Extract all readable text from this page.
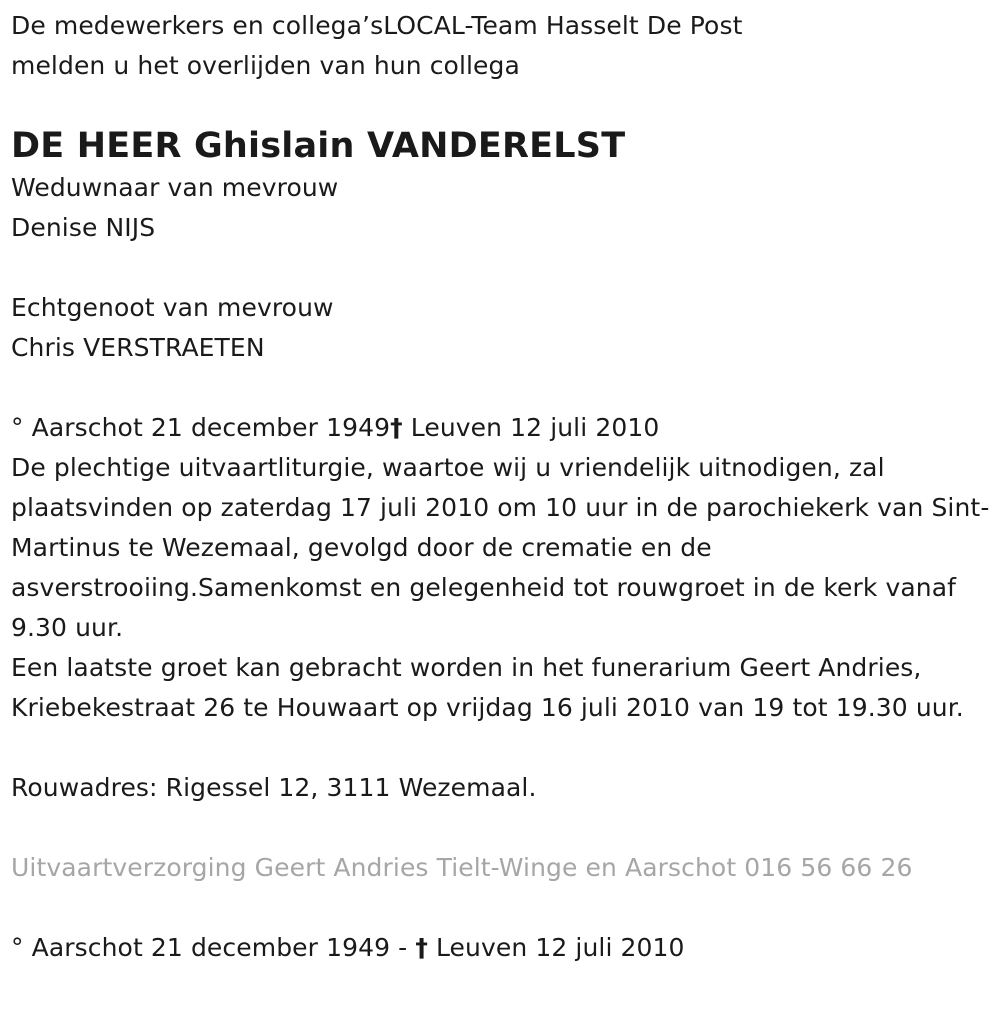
De medewerkers en collega’sLOCAL-Team Hasselt De Post
melden u het overlijden van hun collega
DE HEER Ghislain VANDERELST
Weduwnaar van mevrouw
Denise NIJS
Echtgenoot van mevrouw
Chris VERSTRAETEN
° Aarschot 21 december 1949† Leuven 12 juli 2010
De plechtige uitvaartliturgie, waartoe wij u vriendelijk uitnodigen, zal plaatsvinden op zaterdag 17 juli 2010 om 10 uur in de parochiekerk van Sint-Martinus te Wezemaal, gevolgd door de crematie en de asverstrooiing.Samenkomst en gelegenheid tot rouwgroet in de kerk vanaf 9.30 uur.
Een laatste groet kan gebracht worden in het funerarium Geert Andries, Kriebekestraat 26 te Houwaart op vrijdag 16 juli 2010 van 19 tot 19.30 uur.
Rouwadres: Rigessel 12, 3111 Wezemaal.
Uitvaartverzorging Geert Andries Tielt-Winge en Aarschot 016 56 66 26
° Aarschot 21 december 1949 - † Leuven 12 juli 2010
